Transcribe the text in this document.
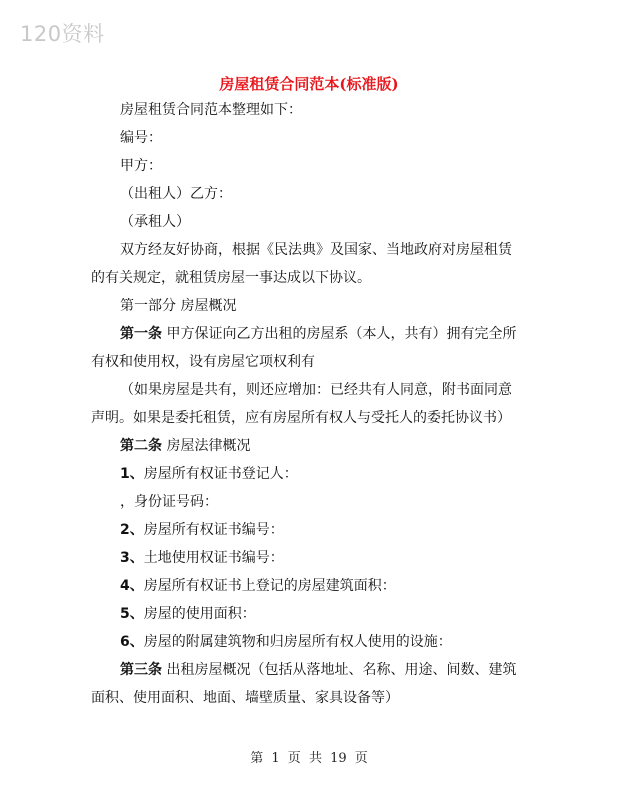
120资料
房屋租赁合同范本(标准版)
房屋租赁合同范本整理如下：
编号：
甲方：
（出租人）乙方：
（承租人）
双方经友好协商，根据《民法典》及国家、当地政府对房屋租赁
的有关规定，就租赁房屋一事达成以下协议。
第一部分 房屋概况
第一条 甲方保证向乙方出租的房屋系（本人，共有）拥有完全所
有权和使用权，设有房屋它项权利有
（如果房屋是共有，则还应增加：已经共有人同意，附书面同意
声明。如果是委托租赁，应有房屋所有权人与受托人的委托协议书）
第二条 房屋法律概况
1、房屋所有权证书登记人：
，身份证号码：
2、房屋所有权证书编号：
3、土地使用权证书编号：
4、房屋所有权证书上登记的房屋建筑面积：
5、房屋的使用面积：
6、房屋的附属建筑物和归房屋所有权人使用的设施：
第三条 出租房屋概况（包括从落地址、名称、用途、间数、建筑
面积、使用面积、地面、墙壁质量、家具设备等）
第 1 页 共 19 页
